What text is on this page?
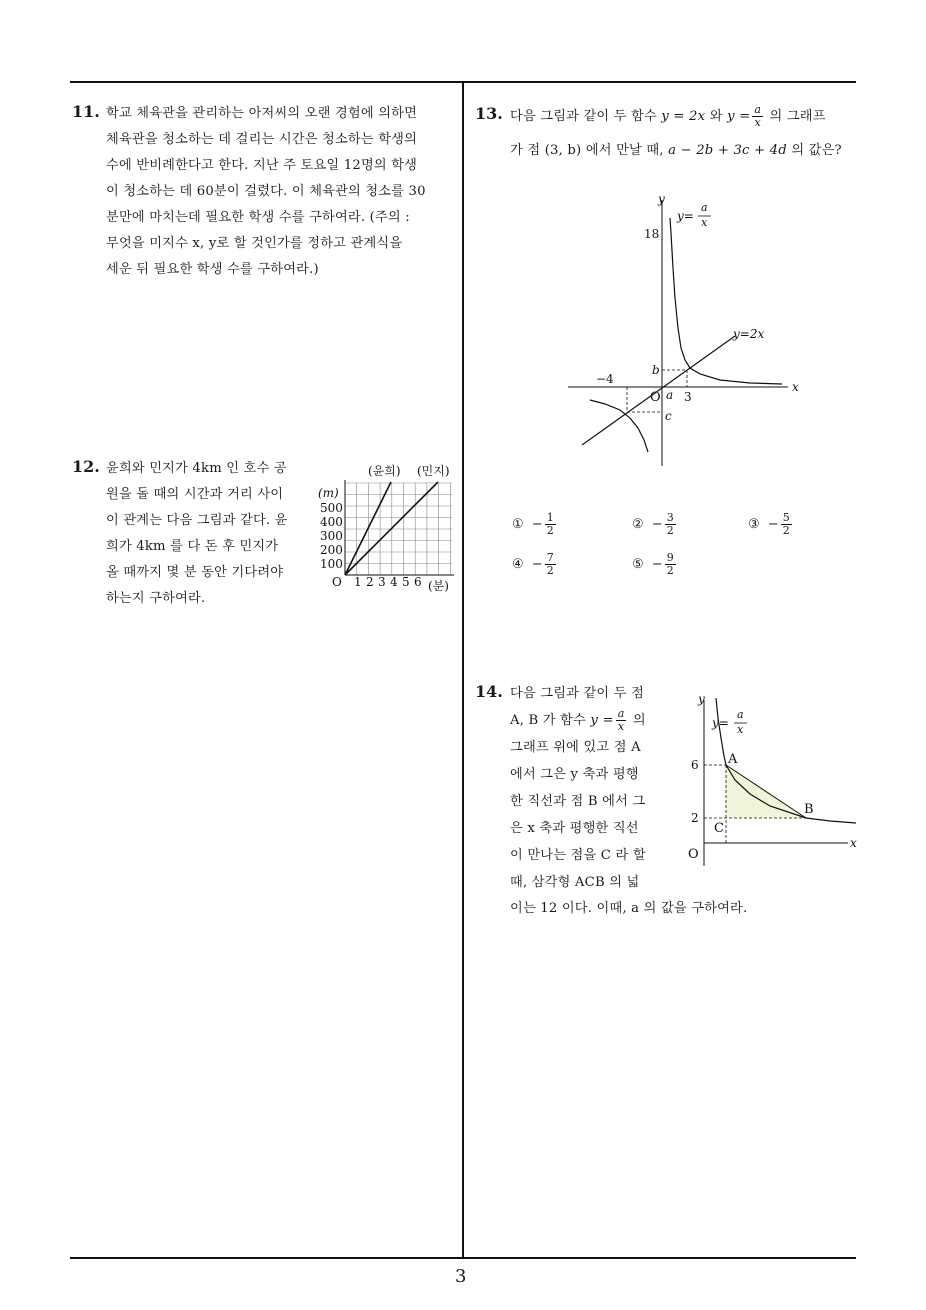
11. 학교 체육관을 관리하는 아저씨의 오랜 경험에 의하면
체육관을 청소하는 데 걸리는 시간은 청소하는 학생의
수에 반비례한다고 한다. 지난 주 토요일 12명의 학생
이 청소하는 데 60분이 걸렸다. 이 체육관의 청소를 30
분만에 마치는데 필요한 학생 수를 구하여라. (주의 :
무엇을 미지수 x, y로 할 것인가를 정하고 관계식을
세운 뒤 필요한 학생 수를 구하여라.)
12. 윤희와 민지가 4km 인 호수 공
원을 돌 때의 시간과 거리 사이
이 관계는 다음 그림과 같다. 윤
희가 4km 를 다 돈 후 민지가
올 때까지 몇 분 동안 기다려야
하는지 구하여라.
(윤희) (민지)
(m)
500
400
300
200
100
O 1 2 3 4 5 6 (분)
13. 다음 그림과 같이 두 함수 y = 2x 와 $y = \frac{a}{x}$ 의 그래프
가 점 (3, b) 에서 만날 때, a − 2b + 3c + 4d 의 값은?
y
x
y=
a
x
y=2x
18
b
−4
O a 3
c
① − $\frac{1}{2}$	② − $\frac{3}{2}$	③ − $\frac{5}{2}$
④ − $\frac{7}{2}$	⑤ − $\frac{9}{2}$
14. 다음 그림과 같이 두 점
A, B 가 함수 $y = \frac{a}{x}$ 의
그래프 위에 있고 점 A
에서 그은 y 축과 평행
한 직선과 점 B 에서 그
은 x 축과 평행한 직선
이 만나는 점을 C 라 할
때, 삼각형 ACB 의 넓
이는 12 이다. 이때, a 의 값을 구하여라.
y
x
y=
a
x
A
B
C
6
2
O
3
